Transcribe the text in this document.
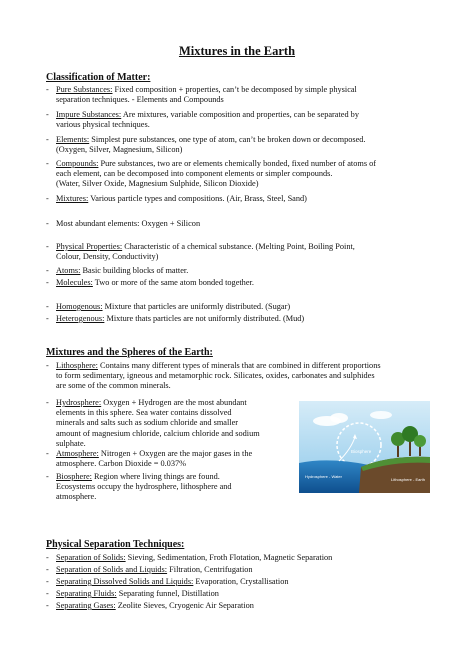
Mixtures in the Earth
Classification of Matter:
Mixtures and the Spheres of the Earth:
Physical Separation Techniques:
- Pure Substances: Fixed composition + properties, can’t be decomposed by simple physical
separation techniques. - Elements and Compounds
- Impure Substances: Are mixtures, variable composition and properties, can be separated by
various physical techniques.
- Elements: Simplest pure substances, one type of atom, can’t be broken down or decomposed.
(Oxygen, Silver, Magnesium, Silicon)
- Compounds: Pure substances, two are or elements chemically bonded, fixed number of atoms of
each element, can be decomposed into component elements or simpler compounds.
(Water, Silver Oxide, Magnesium Sulphide, Silicon Dioxide)
- Mixtures: Various particle types and compositions. (Air, Brass, Steel, Sand)
- Most abundant elements: Oxygen + Silicon
- Physical Properties: Characteristic of a chemical substance. (Melting Point, Boiling Point,
Colour, Density, Conductivity)
- Atoms: Basic building blocks of matter.
- Molecules: Two or more of the same atom bonded together.
- Homogenous: Mixture that particles are uniformly distributed. (Sugar)
- Heterogenous: Mixture thats particles are not uniformly distributed. (Mud)
- Lithosphere: Contains many different types of minerals that are combined in different proportions
to form sedimentary, igneous and metamorphic rock. Silicates, oxides, carbonates and sulphides
are some of the common minerals.
- Hydrosphere: Oxygen + Hydrogen are the most abundant
elements in this sphere. Sea water contains dissolved
minerals and salts such as sodium chloride and smaller
amount of magnesium chloride, calcium chloride and sodium
sulphate.
- Atmosphere: Nitrogen + Oxygen are the major gases in the
atmosphere. Carbon Dioxide = 0.037%
- Biosphere: Region where living things are found.
Ecosystems occupy the hydrosphere, lithosphere and
atmosphere.
- Separation of Solids: Sieving, Sedimentation, Froth Flotation, Magnetic Separation
- Separation of Solids and Liquids: Filtration, Centrifugation
- Separating Dissolved Solids and Liquids: Evaporation, Crystallisation
- Separating Fluids: Separating funnel, Distillation
- Separating Gases: Zeolite Sieves, Cryogenic Air Separation
Biosphere
Hydrosphere - Water
Lithosphere - Earth
